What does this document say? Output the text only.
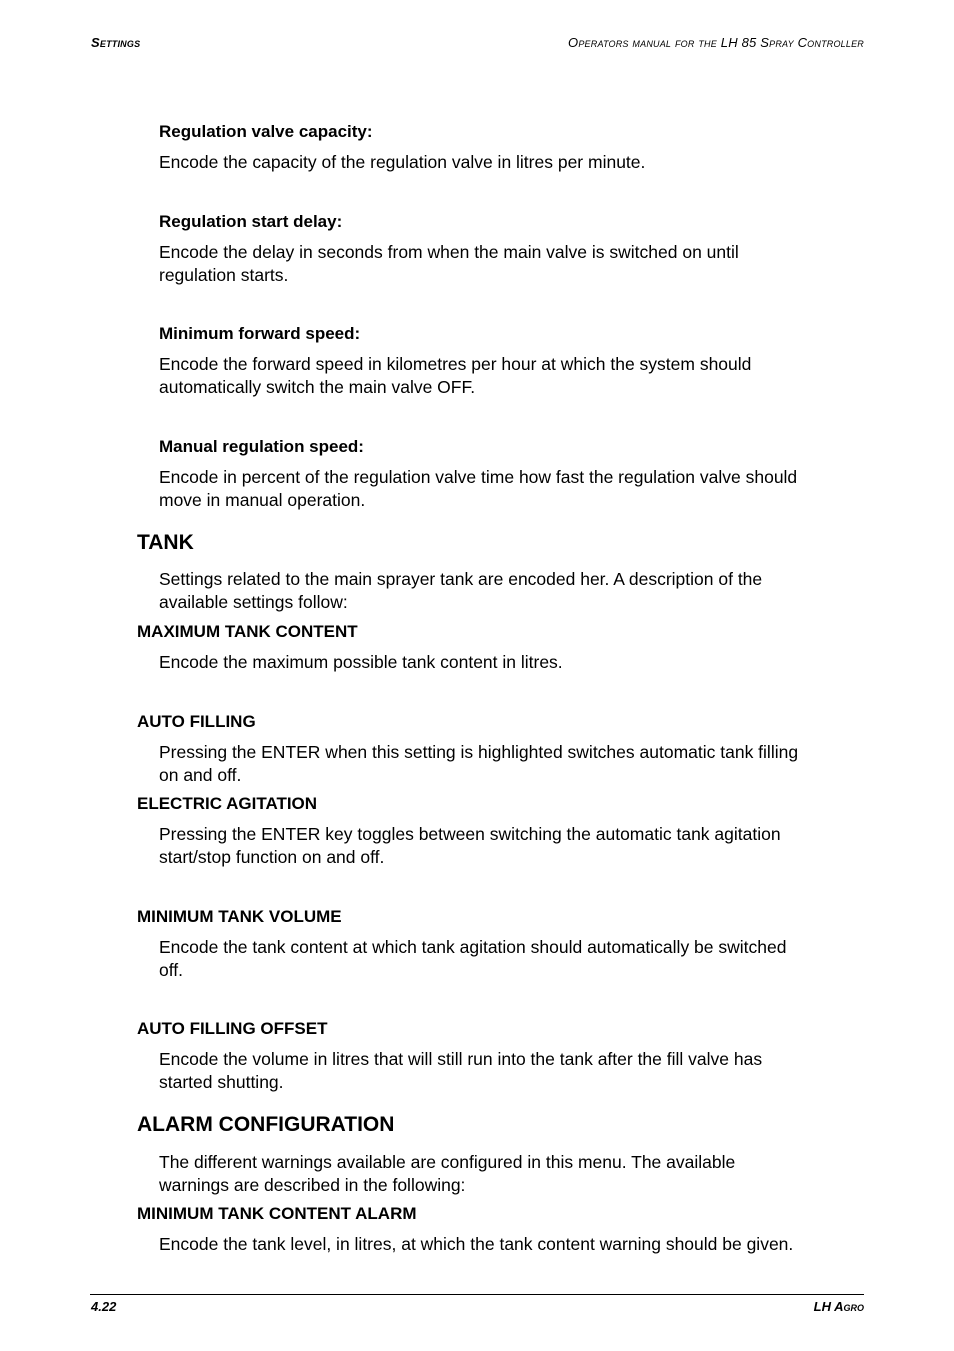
Settings	Operators manual for the LH 85 Spray Controller
Regulation valve capacity:
Encode the capacity of the regulation valve in litres per minute.
Regulation start delay:
Encode the delay in seconds from when the main valve is switched on until
regulation starts.
Minimum forward speed:
Encode the forward speed in kilometres per hour at which the system should
automatically switch the main valve OFF.
Manual regulation speed:
Encode in percent of the regulation valve time how fast the regulation valve should
move in manual operation.
TANK
Settings related to the main sprayer tank are encoded her. A description of the
available settings follow:
MAXIMUM TANK CONTENT
Encode the maximum possible tank content in litres.
AUTO FILLING
Pressing the ENTER when this setting is highlighted switches automatic tank filling
on and off.
ELECTRIC AGITATION
Pressing the ENTER key toggles between switching the automatic tank agitation
start/stop function on and off.
MINIMUM TANK VOLUME
Encode the tank content at which tank agitation should automatically be switched
off.
AUTO FILLING OFFSET
Encode the volume in litres that will still run into the tank after the fill valve has
started shutting.
ALARM CONFIGURATION
The different warnings available are configured in this menu. The available
warnings are described in the following:
MINIMUM TANK CONTENT ALARM
Encode the tank level, in litres, at which the tank content warning should be given.
4.22	LH Agro
